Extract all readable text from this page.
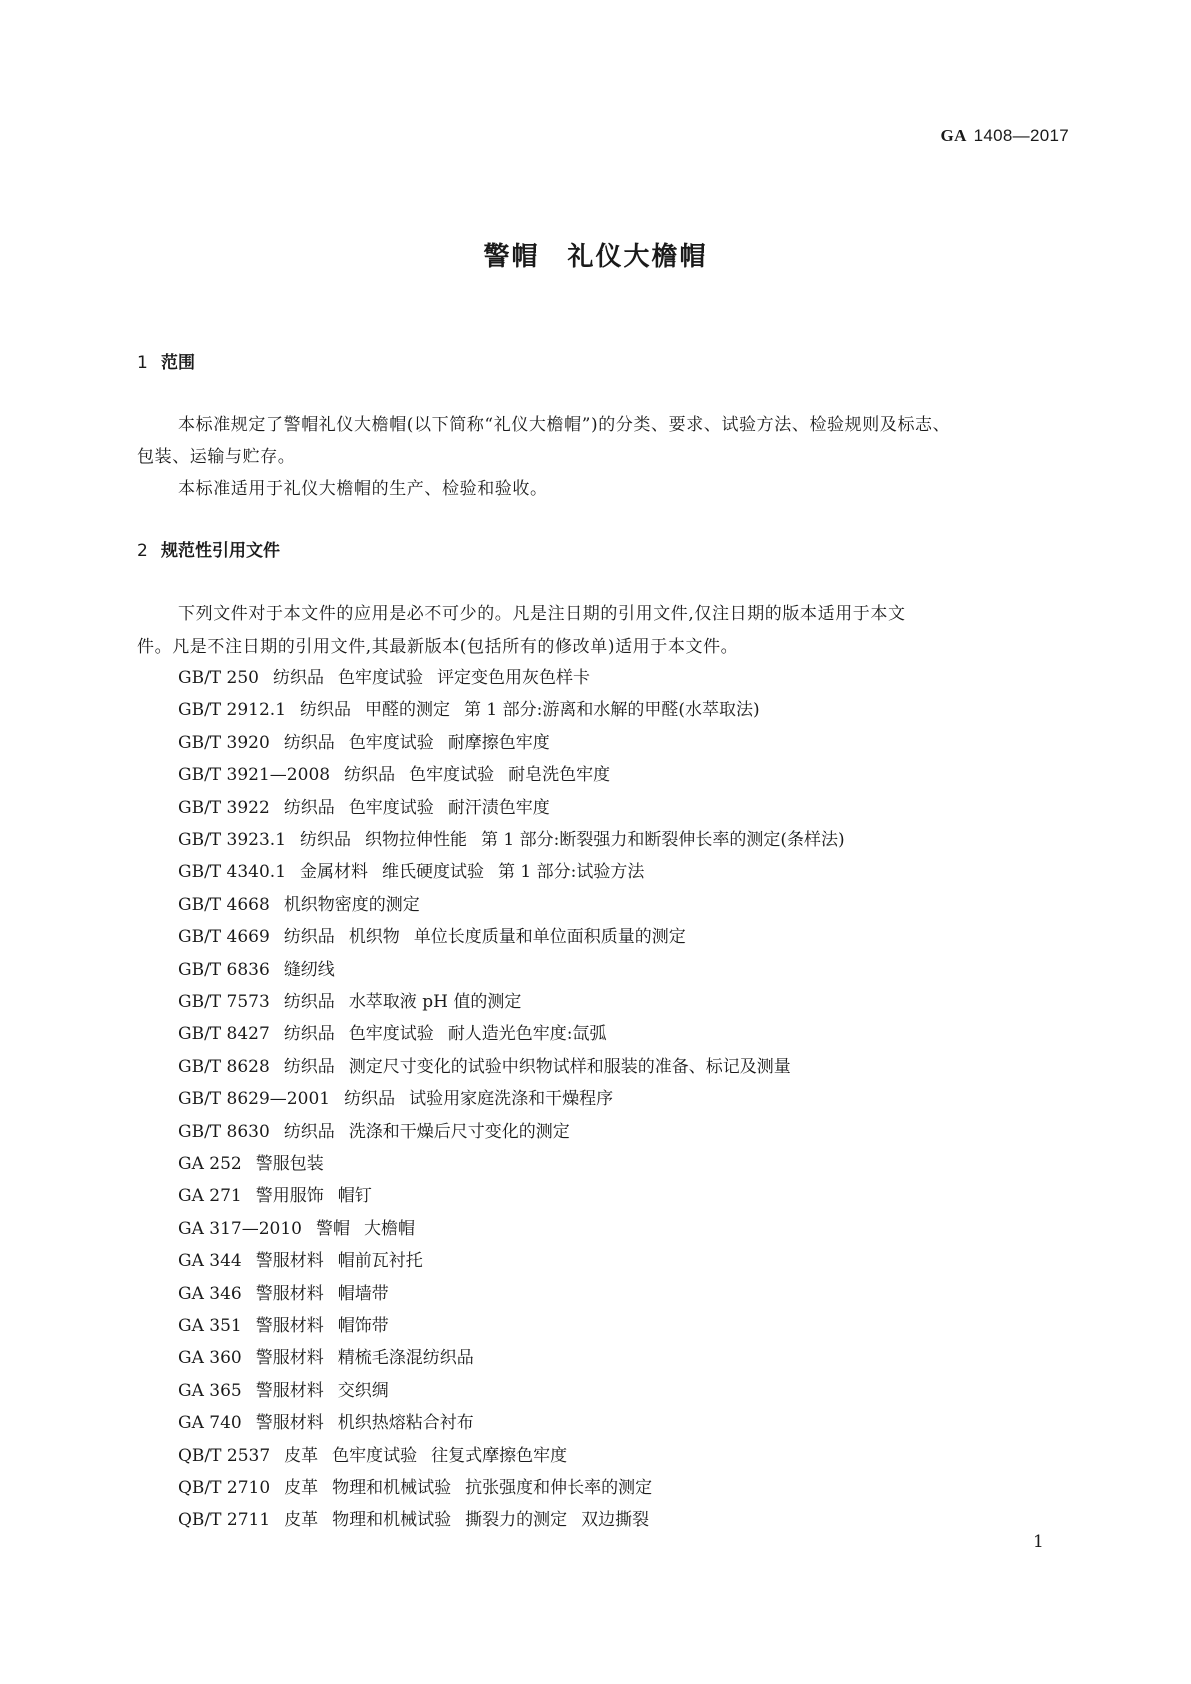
GA 1408—2017
警帽　礼仪大檐帽
1 范围
本标准规定了警帽礼仪大檐帽(以下简称“礼仪大檐帽”)的分类、要求、试验方法、检验规则及标志、
包装、运输与贮存。
本标准适用于礼仪大檐帽的生产、检验和验收。
2 规范性引用文件
下列文件对于本文件的应用是必不可少的。凡是注日期的引用文件,仅注日期的版本适用于本文
件。凡是不注日期的引用文件,其最新版本(包括所有的修改单)适用于本文件。
GB/T 250 纺织品 色牢度试验 评定变色用灰色样卡
GB/T 2912.1 纺织品 甲醛的测定 第 1 部分:游离和水解的甲醛(水萃取法)
GB/T 3920 纺织品 色牢度试验 耐摩擦色牢度
GB/T 3921—2008 纺织品 色牢度试验 耐皂洗色牢度
GB/T 3922 纺织品 色牢度试验 耐汗渍色牢度
GB/T 3923.1 纺织品 织物拉伸性能 第 1 部分:断裂强力和断裂伸长率的测定(条样法)
GB/T 4340.1 金属材料 维氏硬度试验 第 1 部分:试验方法
GB/T 4668 机织物密度的测定
GB/T 4669 纺织品 机织物 单位长度质量和单位面积质量的测定
GB/T 6836 缝纫线
GB/T 7573 纺织品 水萃取液 pH 值的测定
GB/T 8427 纺织品 色牢度试验 耐人造光色牢度:氙弧
GB/T 8628 纺织品 测定尺寸变化的试验中织物试样和服装的准备、标记及测量
GB/T 8629—2001 纺织品 试验用家庭洗涤和干燥程序
GB/T 8630 纺织品 洗涤和干燥后尺寸变化的测定
GA 252 警服包装
GA 271 警用服饰 帽钉
GA 317—2010 警帽 大檐帽
GA 344 警服材料 帽前瓦衬托
GA 346 警服材料 帽墙带
GA 351 警服材料 帽饰带
GA 360 警服材料 精梳毛涤混纺织品
GA 365 警服材料 交织绸
GA 740 警服材料 机织热熔粘合衬布
QB/T 2537 皮革 色牢度试验 往复式摩擦色牢度
QB/T 2710 皮革 物理和机械试验 抗张强度和伸长率的测定
QB/T 2711 皮革 物理和机械试验 撕裂力的测定 双边撕裂
1
